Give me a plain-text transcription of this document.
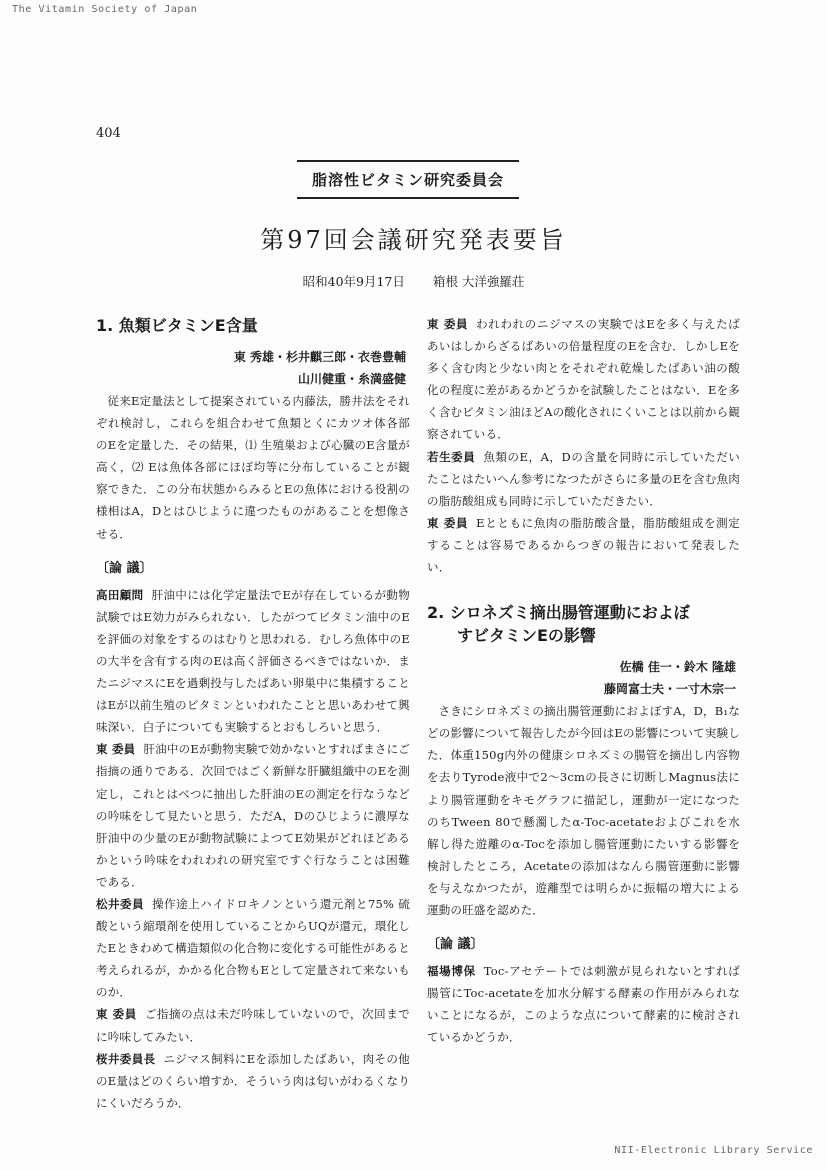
The Vitamin Society of Japan
404
脂溶性ビタミン研究委員会
第97回会議研究発表要旨
昭和40年9月17日 箱根 大洋強羅荘
1. 魚類ビタミンE含量
東 秀雄・杉井麒三郎・衣巻豊輔
山川健重・糸満盛健

従来E定量法として提案されている内藤法，勝井法をそれぞれ検討し，これらを組合わせて魚類とくにカツオ体各部のEを定量した．その結果，⑴ 生殖巣および心臓のE含量が高く，⑵ Eは魚体各部にほぼ均等に分布していることが観察できた．この分布状態からみるとEの魚体における役割の様相はA，Dとはひじように違つたものがあることを想像させる．

〔論 議〕

高田顧問 肝油中には化学定量法でEが存在しているが動物試験ではE効力がみられない．したがつてビタミン油中のEを評価の対象をするのはむりと思われる．むしろ魚体中のEの大半を含有する肉のEは高く評価さるべきではないか．またニジマスにEを過剰投与したばあい卵巣中に集積することはEが以前生殖のビタミンといわれたことと思いあわせて興味深い．白子についても実験するとおもしろいと思う．

東 委員 肝油中のEが動物実験で効かないとすればまさにご指摘の通りである．次回ではごく新鮮な肝臓組織中のEを測定し，これとはべつに抽出した肝油のEの測定を行なうなどの吟味をして見たいと思う．ただA，Dのひじように濃厚な肝油中の少量のEが動物試験によつてE効果がどれほどあるかという吟味をわれわれの研究室ですぐ行なうことは困難である．

松井委員 操作途上ハイドロキノンという還元剤と75% 硫酸という縮環剤を使用していることからUQが還元，環化したEときわめて構造類似の化合物に変化する可能性があると考えられるが，かかる化合物もEとして定量されて来ないものか．

東 委員 ご指摘の点は未だ吟味していないので，次回までに吟味してみたい．

桜井委員長 ニジマス飼料にEを添加したばあい，肉その他のE量はどのくらい増すか．そういう肉は匂いがわるくなりにくいだろうか．

東 委員 われわれのニジマスの実験ではEを多く与えたばあいはしからざるばあいの倍量程度のEを含む．しかしEを多く含む肉と少ない肉とをそれぞれ乾燥したばあい油の酸化の程度に差があるかどうかを試験したことはない．Eを多く含むビタミン油ほどAの酸化されにくいことは以前から観察されている．

若生委員 魚類のE，A，Dの含量を同時に示していただいたことはたいへん参考になつたがさらに多量のEを含む魚肉の脂肪酸組成も同時に示していただきたい．

東 委員 Eとともに魚肉の脂肪酸含量，脂肪酸組成を測定することは容易であるからつぎの報告において発表したい．

2. シロネズミ摘出腸管運動におよぼ
すビタミンEの影響
佐橋 佳一・鈴木 隆雄
藤岡富士夫・一寸木宗一

さきにシロネズミの摘出腸管運動におよぼすA，D，B₁などの影響について報告したが今回はEの影響について実験した．体重150g内外の健康シロネズミの腸管を摘出し内容物を去りTyrode液中で2～3cmの長さに切断しMagnus法により腸管運動をキモグラフに描記し，運動が一定になつたのちTween 80で懸濁したα-Toc-acetateおよびこれを水解し得た遊離のα-Tocを添加し腸管運動にたいする影響を検討したところ，Acetateの添加はなんら腸管運動に影響を与えなかつたが，遊離型では明らかに振幅の増大による運動の旺盛を認めた．

〔論 議〕

福場博保 Toc-アセテートでは刺激が見られないとすれば腸管にToc-acetateを加水分解する酵素の作用がみられないことになるが，このような点について酵素的に検討されているかどうか．

NII-Electronic Library Service
